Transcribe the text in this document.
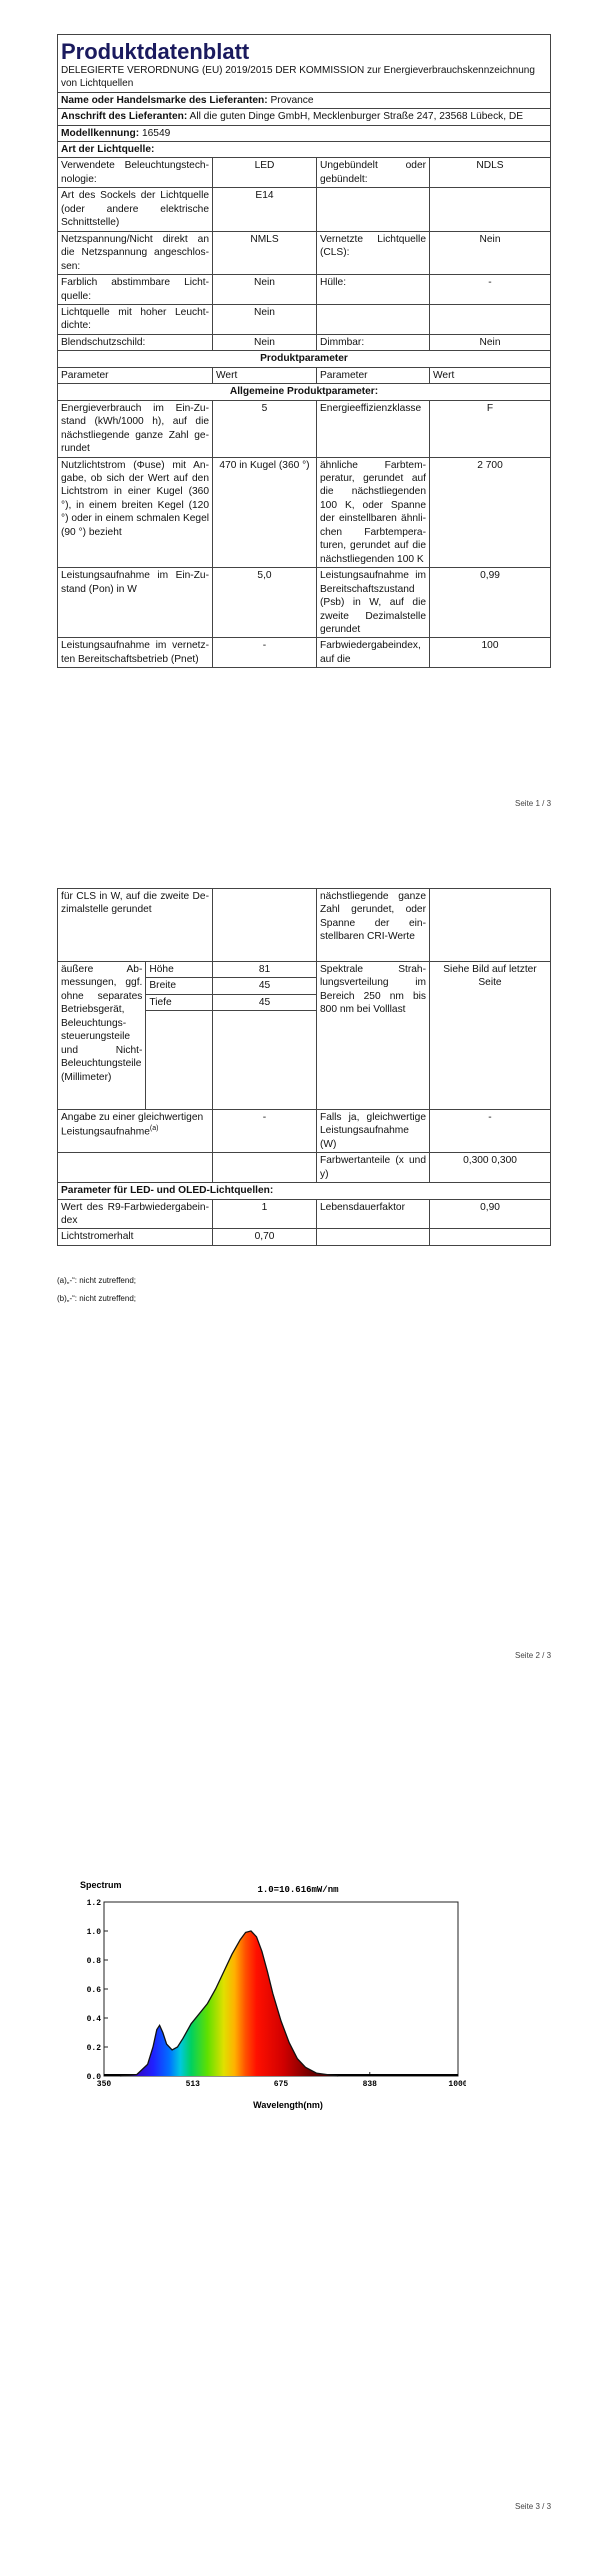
Produktdatenblatt
DELEGIERTE VERORDNUNG (EU) 2019/2015 DER KOMMISSION zur Energieverbrauchskennzeichnung von Lichtquellen			

Name oder Handelsmarke des Lieferanten: Provance			
Anschrift des Lieferanten: All die guten Dinge GmbH, Mecklenburger Straße 247, 23568 Lübeck, DE			
Modellkennung: 16549			
Art der Lichtquelle:			
Verwendete Beleuchtungstechnologie:	LED	Ungebündelt oder gebündelt:	NDLS
Art des Sockels der Lichtquelle (oder andere elektrische Schnittstelle)	E14		
Netzspannung/Nicht direkt an die Netzspannung angeschlossen:	NMLS	Vernetzte Lichtquelle (CLS):	Nein
Farblich abstimmbare Lichtquelle:	Nein	Hülle:	-
Lichtquelle mit hoher Leuchtdichte:	Nein		
Blendschutzschild:	Nein	Dimmbar:	Nein
Produktparameter			
Parameter	Wert	Parameter	Wert
Allgemeine Produktparameter:			
Energieverbrauch im Ein-Zustand (kWh/1000 h), auf die nächstliegende ganze Zahl gerundet	5	Energieeffizienzklasse	F
Nutzlichtstrom (Φuse) mit Angabe, ob sich der Wert auf den Lichtstrom in einer Kugel (360 °), in einem breiten Kegel (120 °) oder in einem schmalen Kegel (90 °) bezieht	470 in Kugel (360 °)	ähnliche Farbtemperatur, gerundet auf die nächstliegenden 100 K, oder Spanne der einstellbaren ähnlichen Farbtemperaturen, gerundet auf die nächstliegenden 100 K	2 700
Leistungsaufnahme im Ein-Zustand (Pon) in W	5,0	Leistungsaufnahme im Bereitschaftszustand (Psb) in W, auf die zweite Dezimalstelle gerundet	0,99
Leistungsaufnahme im vernetzten Bereitschaftsbetrieb (Pnet)	-	Farbwiedergabeindex, auf die	100
Seite 1 / 3
für CLS in W, auf die zweite Dezimalstelle gerundet		nächstliegende ganze Zahl gerundet, oder Spanne der einstellbaren CRI-Werte	

äußere Abmessungen, ggf. ohne separates Betriebsgerät, Beleuchtungssteuerungsteile und Nicht-Beleuchtungsteile (Millimeter)	Höhe	81
Breite	45
Tiefe	45

	Spektrale Strahlungsverteilung im Bereich 250 nm bis 800 nm bei Volllast	Siehe Bild auf letzter Seite
Angabe zu einer gleichwertigen Leistungsaufnahme$^{(a)}$	-	Falls ja, gleichwertige Leistungsaufnahme (W)	-
		Farbwertanteile (x und y)	0,300 0,300
Parameter für LED- und OLED-Lichtquellen:
Wert des R9-Farbwiedergabeindex	1	Lebensdauerfaktor	0,90
Lichtstromerhalt	0,70		
(a)„-“: nicht zutreffend;
(b)„-“: nicht zutreffend;
Seite 2 / 3
Spectrum	1.0=10.616mW/nm
0.0
0.2
0.4
0.6
0.8
1.0
1.2
350	513	675	838	1000
Wavelength(nm)
Seite 3 / 3
